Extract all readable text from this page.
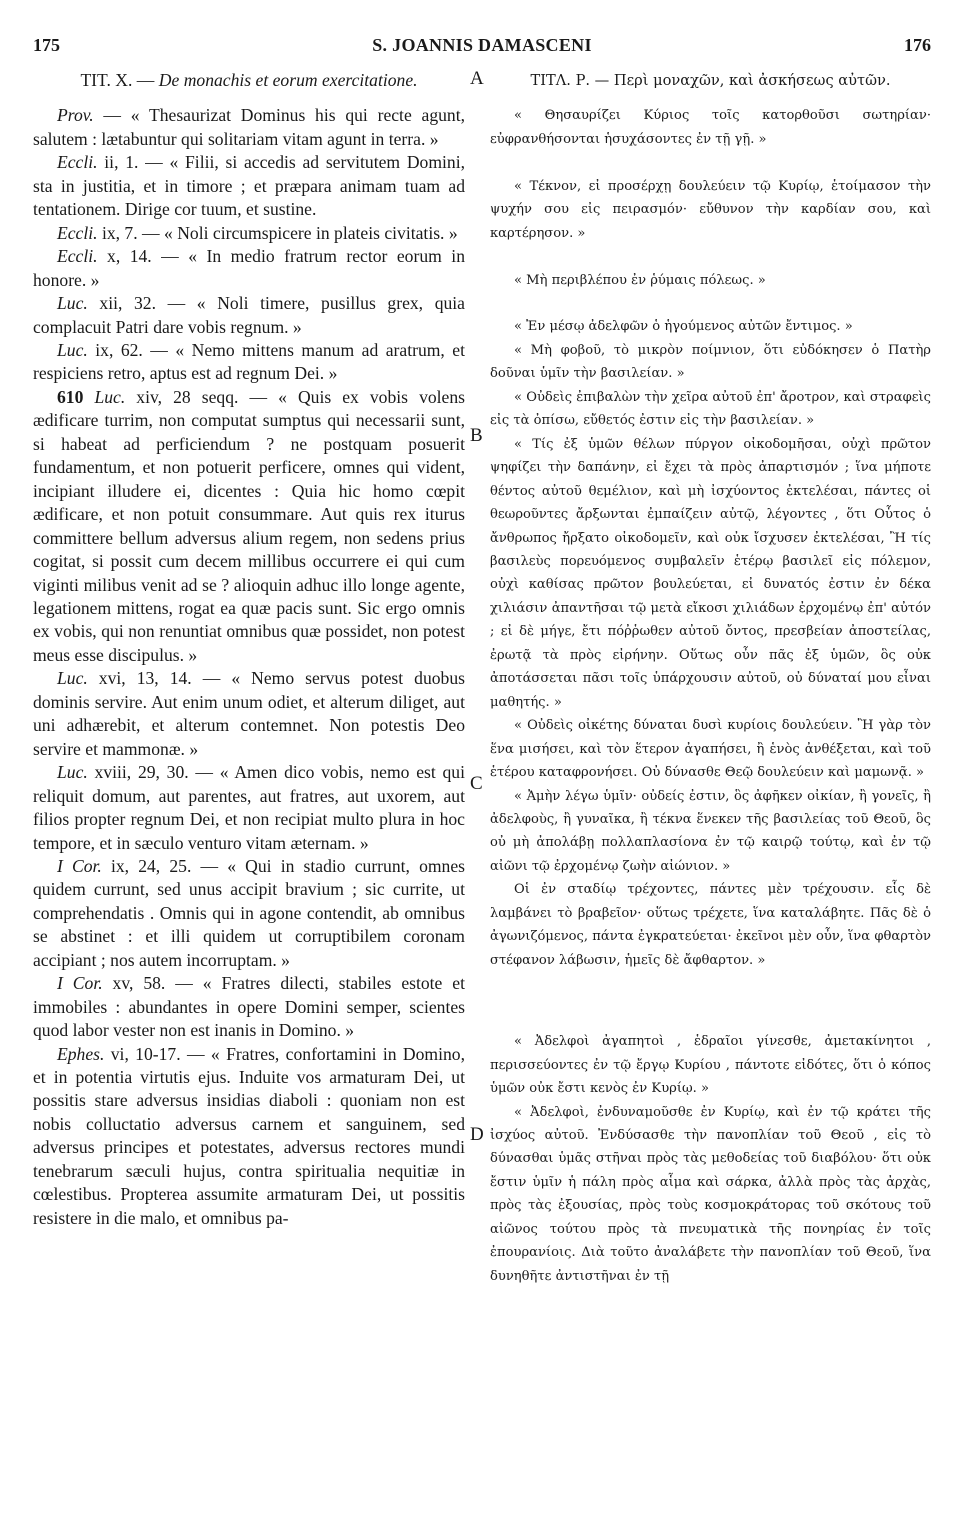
175	S. JOANNIS DAMASCENI	176
TIT. X. — De monachis et eorum exercitatione.

Prov. — « Thesaurizat Dominus his qui recte agunt, salutem : lætabuntur qui solitariam vitam agunt in terra. »

Eccli. ii, 1. — « Filii, si accedis ad servitutem Domini, sta in justitia, et in timore ; et præpara animam tuam ad tentationem. Dirige cor tuum, et sustine.

Eccli. ix, 7. — « Noli circumspicere in plateis civitatis. »

Eccli. x, 14. — « In medio fratrum rector eorum in honore. »

Luc. xii, 32. — « Noli timere, pusillus grex, quia complacuit Patri dare vobis regnum. »

Luc. ix, 62. — « Nemo mittens manum ad aratrum, et respiciens retro, aptus est ad regnum Dei. »

610 Luc. xiv, 28 seqq. — « Quis ex vobis volens ædificare turrim, non computat sumptus qui necessarii sunt, si habeat ad perficiendum ? ne postquam posuerit fundamentum, et non potuerit perficere, omnes qui vident, incipiant illudere ei, dicentes : Quia hic homo cœpit ædificare, et non potuit consummare. Aut quis rex iturus committere bellum adversus alium regem, non sedens prius cogitat, si possit cum decem millibus occurrere ei qui cum viginti milibus venit ad se ? alioquin adhuc illo longe agente, legationem mittens, rogat ea quæ pacis sunt. Sic ergo omnis ex vobis, qui non renuntiat omnibus quæ possidet, non potest meus esse discipulus. »

Luc. xvi, 13, 14. — « Nemo servus potest duobus dominis servire. Aut enim unum odiet, et alterum diliget, aut uni adhærebit, et alterum contemnet. Non potestis Deo servire et mammonæ. »

Luc. xviii, 29, 30. — « Amen dico vobis, nemo est qui reliquit domum, aut parentes, aut fratres, aut uxorem, aut filios propter regnum Dei, et non recipiat multo plura in hoc tempore, et in sæculo venturo vitam æternam. »

I Cor. ix, 24, 25. — « Qui in stadio currunt, omnes quidem currunt, sed unus accipit bravium ; sic currite, ut comprehendatis . Omnis qui in agone contendit, ab omnibus se abstinet : et illi quidem ut corruptibilem coronam accipiant ; nos autem incorruptam. »

I Cor. xv, 58. — « Fratres dilecti, stabiles estote et immobiles : abundantes in opere Domini semper, scientes quod labor vester non est inanis in Domino. »

Ephes. vi, 10-17. — « Fratres, confortamini in Domino, et in potentia virtutis ejus. Induite vos armaturam Dei, ut possitis stare adversus insidias diaboli : quoniam non est nobis colluctatio adversus carnem et sanguinem, sed adversus principes et potestates, adversus rectores mundi tenebrarum sæculi hujus, contra spiritualia nequitiæ in cœlestibus. Propterea assumite armaturam Dei, ut possitis resistere in die malo, et omnibus pa-

A
B
C
D
ΤΙΤΛ. Ρ. — Περὶ μοναχῶν, καὶ ἀσκήσεως αὐτῶν.

« Θησαυρίζει Κύριος τοῖς κατορθοῦσι σωτηρίαν· εὐφρανθήσονται ἡσυχάσοντες ἐν τῇ γῇ. »

« Τέκνον, εἰ προσέρχῃ δουλεύειν τῷ Κυρίῳ, ἑτοίμασον τὴν ψυχήν σου εἰς πειρασμόν· εὔθυνον τὴν καρδίαν σου, καὶ καρτέρησον. »

« Μὴ περιβλέπου ἐν ῥύμαις πόλεως. »

« Ἐν μέσῳ ἀδελφῶν ὁ ἡγούμενος αὐτῶν ἔντιμος. »

« Μὴ φοβοῦ, τὸ μικρὸν ποίμνιον, ὅτι εὐδόκησεν ὁ Πατὴρ δοῦναι ὑμῖν τὴν βασιλείαν. »

« Οὐδεὶς ἐπιβαλὼν τὴν χεῖρα αὐτοῦ ἐπ' ἄροτρον, καὶ στραφεὶς εἰς τὰ ὀπίσω, εὔθετός ἐστιν εἰς τὴν βασιλείαν. »

« Τίς ἐξ ὑμῶν θέλων πύργον οἰκοδομῆσαι, οὐχὶ πρῶτον ψηφίζει τὴν δαπάνην, εἰ ἔχει τὰ πρὸς ἀπαρτισμόν ; ἵνα μήποτε θέντος αὐτοῦ θεμέλιον, καὶ μὴ ἰσχύοντος ἐκτελέσαι, πάντες οἱ θεωροῦντες ἄρξωνται ἐμπαίζειν αὐτῷ, λέγοντες , ὅτι Οὗτος ὁ ἄνθρωπος ἤρξατο οἰκοδομεῖν, καὶ οὐκ ἴσχυσεν ἐκτελέσαι, Ἢ τίς βασιλεὺς πορευόμενος συμβαλεῖν ἑτέρῳ βασιλεῖ εἰς πόλεμον, οὐχὶ καθίσας πρῶτον βουλεύεται, εἰ δυνατός ἐστιν ἐν δέκα χιλιάσιν ἀπαντῆσαι τῷ μετὰ εἴκοσι χιλιάδων ἐρχομένῳ ἐπ' αὐτόν ; εἰ δὲ μήγε, ἔτι πόῤῥωθεν αὐτοῦ ὄντος, πρεσβείαν ἀποστείλας, ἐρωτᾷ τὰ πρὸς εἰρήνην. Οὕτως οὖν πᾶς ἐξ ὑμῶν, ὃς οὐκ ἀποτάσσεται πᾶσι τοῖς ὑπάρχουσιν αὐτοῦ, οὐ δύναταί μου εἶναι μαθητής. »

« Οὐδεὶς οἰκέτης δύναται δυσὶ κυρίοις δουλεύειν. Ἢ γὰρ τὸν ἕνα μισήσει, καὶ τὸν ἕτερον ἀγαπήσει, ἢ ἑνὸς ἀνθέξεται, καὶ τοῦ ἑτέρου καταφρονήσει. Οὐ δύνασθε Θεῷ δουλεύειν καὶ μαμωνᾷ. »

« Ἀμὴν λέγω ὑμῖν· οὐδείς ἐστιν, ὃς ἀφῆκεν οἰκίαν, ἢ γονεῖς, ἢ ἀδελφοὺς, ἢ γυναῖκα, ἢ τέκνα ἕνεκεν τῆς βασιλείας τοῦ Θεοῦ, ὃς οὐ μὴ ἀπολάβῃ πολλαπλασίονα ἐν τῷ καιρῷ τούτῳ, καὶ ἐν τῷ αἰῶνι τῷ ἐρχομένῳ ζωὴν αἰώνιον. »

Οἱ ἐν σταδίῳ τρέχοντες, πάντες μὲν τρέχουσιν. εἷς δὲ λαμβάνει τὸ βραβεῖον· οὕτως τρέχετε, ἵνα καταλάβητε. Πᾶς δὲ ὁ ἀγωνιζόμενος, πάντα ἐγκρατεύεται· ἐκεῖνοι μὲν οὖν, ἵνα φθαρτὸν στέφανον λάβωσιν, ἡμεῖς δὲ ἄφθαρτον. »

« Ἀδελφοὶ ἀγαπητοὶ , ἑδραῖοι γίνεσθε, ἀμετακίνητοι , περισσεύοντες ἐν τῷ ἔργῳ Κυρίου , πάντοτε εἰδότες, ὅτι ὁ κόπος ὑμῶν οὐκ ἔστι κενὸς ἐν Κυρίῳ. »

« Ἀδελφοὶ, ἐνδυναμοῦσθε ἐν Κυρίῳ, καὶ ἐν τῷ κράτει τῆς ἰσχύος αὐτοῦ. Ἐνδύσασθε τὴν πανοπλίαν τοῦ Θεοῦ , εἰς τὸ δύνασθαι ὑμᾶς στῆναι πρὸς τὰς μεθοδείας τοῦ διαβόλου· ὅτι οὐκ ἔστιν ὑμῖν ἡ πάλη πρὸς αἷμα καὶ σάρκα, ἀλλὰ πρὸς τὰς ἀρχὰς, πρὸς τὰς ἐξουσίας, πρὸς τοὺς κοσμοκράτορας τοῦ σκότους τοῦ αἰῶνος τούτου πρὸς τὰ πνευματικὰ τῆς πονηρίας ἐν τοῖς ἐπουρανίοις. Διὰ τοῦτο ἀναλάβετε τὴν πανοπλίαν τοῦ Θεοῦ, ἵνα δυνηθῆτε ἀντιστῆναι ἐν τῇ
